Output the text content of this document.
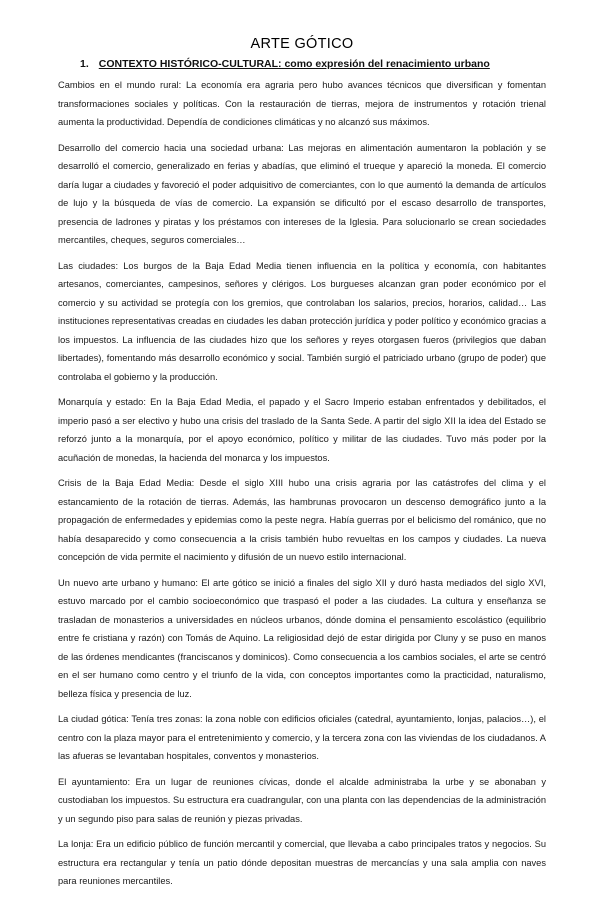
ARTE GÓTICO
1. CONTEXTO HISTÓRICO-CULTURAL: como expresión del renacimiento urbano

Cambios en el mundo rural: La economía era agraria pero hubo avances técnicos que diversifican y fomentan transformaciones sociales y políticas. Con la restauración de tierras, mejora de instrumentos y rotación trienal aumenta la productividad. Dependía de condiciones climáticas y no alcanzó sus máximos.

Desarrollo del comercio hacia una sociedad urbana: Las mejoras en alimentación aumentaron la población y se desarrolló el comercio, generalizado en ferias y abadías, que eliminó el trueque y apareció la moneda. El comercio daría lugar a ciudades y favoreció el poder adquisitivo de comerciantes, con lo que aumentó la demanda de artículos de lujo y la búsqueda de vías de comercio. La expansión se dificultó por el escaso desarrollo de transportes, presencia de ladrones y piratas y los préstamos con intereses de la Iglesia. Para solucionarlo se crean sociedades mercantiles, cheques, seguros comerciales…

Las ciudades: Los burgos de la Baja Edad Media tienen influencia en la política y economía, con habitantes artesanos, comerciantes, campesinos, señores y clérigos. Los burgueses alcanzan gran poder económico por el comercio y su actividad se protegía con los gremios, que controlaban los salarios, precios, horarios, calidad… Las instituciones representativas creadas en ciudades les daban protección jurídica y poder político y económico gracias a los impuestos. La influencia de las ciudades hizo que los señores y reyes otorgasen fueros (privilegios que daban libertades), fomentando más desarrollo económico y social. También surgió el patriciado urbano (grupo de poder) que controlaba el gobierno y la producción.

Monarquía y estado: En la Baja Edad Media, el papado y el Sacro Imperio estaban enfrentados y debilitados, el imperio pasó a ser electivo y hubo una crisis del traslado de la Santa Sede. A partir del siglo XII la idea del Estado se reforzó junto a la monarquía, por el apoyo económico, político y militar de las ciudades. Tuvo más poder por la acuñación de monedas, la hacienda del monarca y los impuestos.

Crisis de la Baja Edad Media: Desde el siglo XIII hubo una crisis agraria por las catástrofes del clima y el estancamiento de la rotación de tierras. Además, las hambrunas provocaron un descenso demográfico junto a la propagación de enfermedades y epidemias como la peste negra. Había guerras por el belicismo del románico, que no había desaparecido y como consecuencia a la crisis también hubo revueltas en los campos y ciudades. La nueva concepción de vida permite el nacimiento y difusión de un nuevo estilo internacional.

Un nuevo arte urbano y humano: El arte gótico se inició a finales del siglo XII y duró hasta mediados del siglo XVI, estuvo marcado por el cambio socioeconómico que traspasó el poder a las ciudades. La cultura y enseñanza se trasladan de monasterios a universidades en núcleos urbanos, dónde domina el pensamiento escolástico (equilibrio entre fe cristiana y razón) con Tomás de Aquino. La religiosidad dejó de estar dirigida por Cluny y se puso en manos de las órdenes mendicantes (franciscanos y dominicos). Como consecuencia a los cambios sociales, el arte se centró en el ser humano como centro y el triunfo de la vida, con conceptos importantes como la practicidad, naturalismo, belleza física y presencia de luz.

La ciudad gótica: Tenía tres zonas: la zona noble con edificios oficiales (catedral, ayuntamiento, lonjas, palacios…), el centro con la plaza mayor para el entretenimiento y comercio, y la tercera zona con las viviendas de los ciudadanos. A las afueras se levantaban hospitales, conventos y monasterios.

El ayuntamiento: Era un lugar de reuniones cívicas, donde el alcalde administraba la urbe y se abonaban y custodiaban los impuestos. Su estructura era cuadrangular, con una planta con las dependencias de la administración y un segundo piso para salas de reunión y piezas privadas.

La lonja: Era un edificio público de función mercantil y comercial, que llevaba a cabo principales tratos y negocios. Su estructura era rectangular y tenía un patio dónde depositan muestras de mercancías y una sala amplia con naves para reuniones mercantiles.
